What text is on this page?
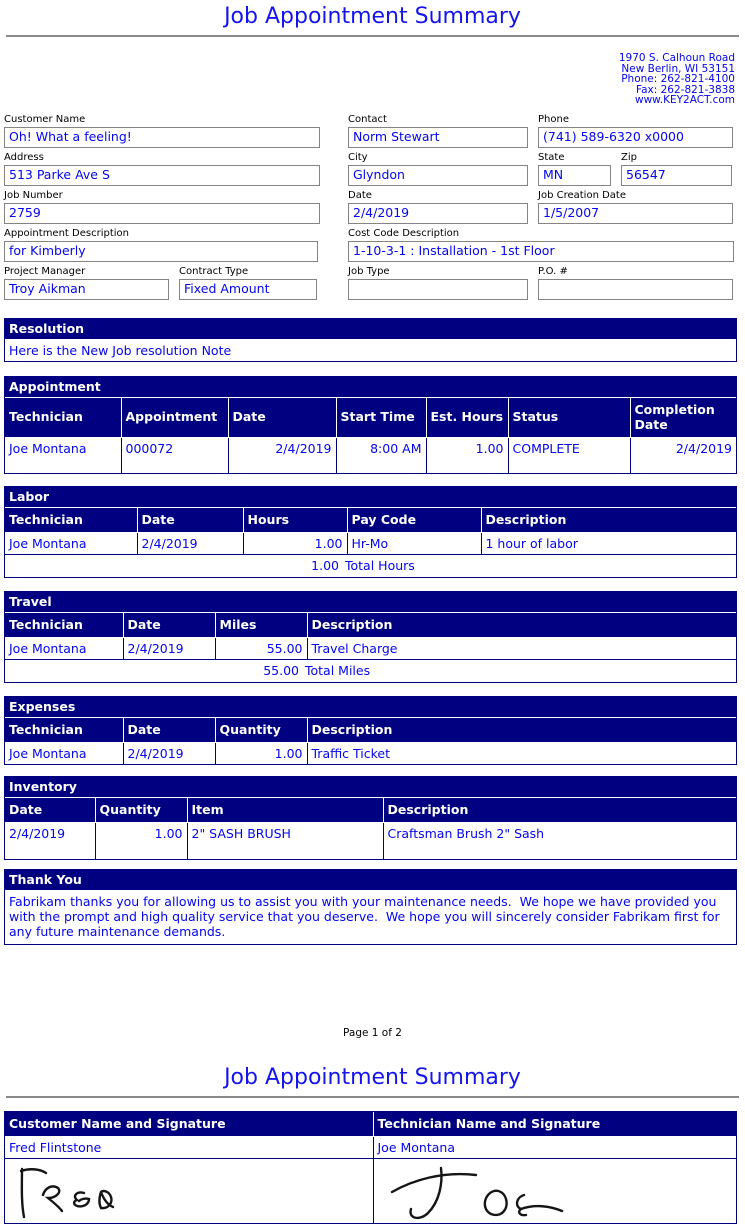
Job Appointment Summary
1970 S. Calhoun Road
New Berlin, WI 53151
Phone: 262-821-4100
Fax: 262-821-3838
www.KEY2ACT.com
Customer Name
Oh! What a feeling!
Contact
Norm Stewart
Phone
(741) 589-6320 x0000
Address
513 Parke Ave S
City
Glyndon
State
MN
Zip
56547
Job Number
2759
Date
2/4/2019
Job Creation Date
1/5/2007
Appointment Description
for Kimberly
Cost Code Description
1-10-3-1 : Installation - 1st Floor
Project Manager
Troy Aikman
Contract Type
Fixed Amount
Job Type	P.O. #
Resolution
Here is the New Job resolution Note
Appointment
Technician	Appointment	Date	Start Time	Est. Hours	Status	Completion Date
Joe Montana	000072	2/4/2019	8:00 AM	1.00	COMPLETE	2/4/2019
Labor
Technician	Date	Hours	Pay Code	Description
Joe Montana	2/4/2019	1.00	Hr-Mo	1 hour of labor

1.00 Total Hours				
Travel
Technician	Date	Miles	Description
Joe Montana	2/4/2019	55.00	Travel Charge

55.00 Total Miles			
Expenses
Technician	Date	Quantity	Description
Joe Montana	2/4/2019	1.00	Traffic Ticket
Inventory
Date	Quantity	Item	Description
2/4/2019	1.00	2" SASH BRUSH	Craftsman Brush 2" Sash
Thank You
Fabrikam thanks you for allowing us to assist you with your maintenance needs.  We hope we have provided you with the prompt and high quality service that you deserve.  We hope you will sincerely consider Fabrikam first for any future maintenance demands.
Page 1 of 2
Job Appointment Summary
Customer Name and Signature	Technician Name and Signature
Fred Flintstone	Joe Montana
